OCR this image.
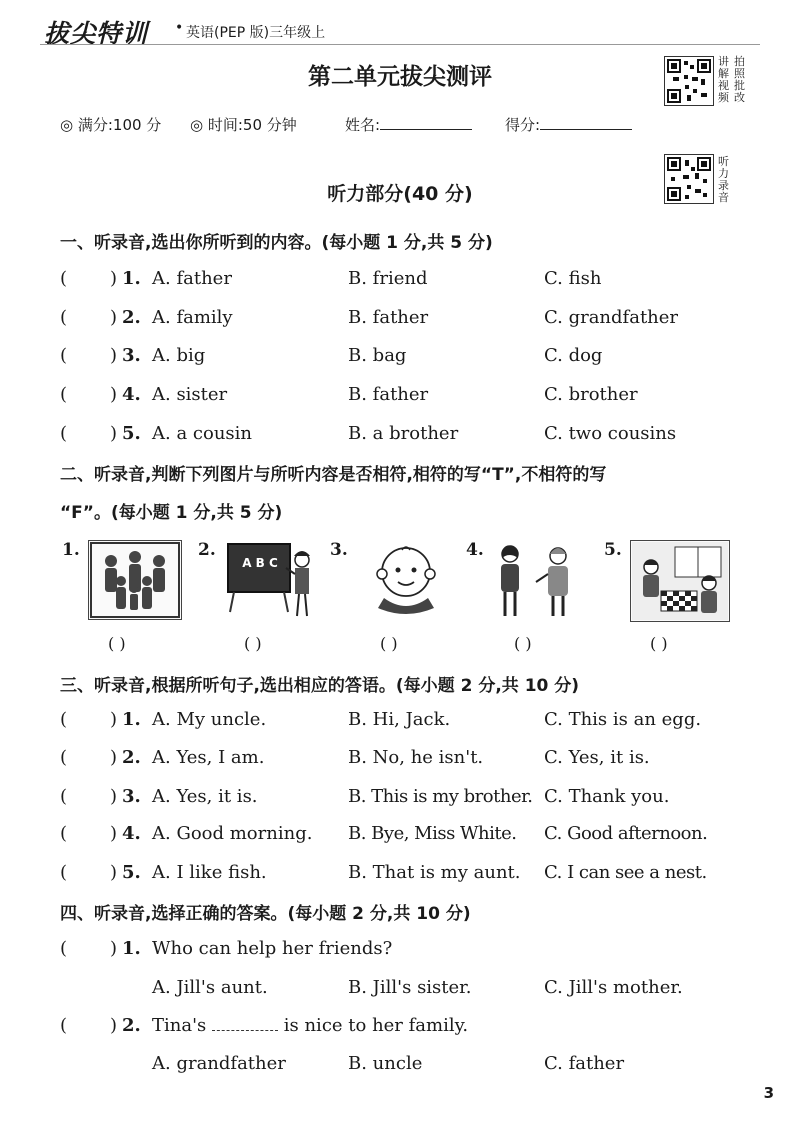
拔尖特训 • 英语(PEP 版)三年级上
第二单元拔尖测评
◎ 满分:100 分 ◎ 时间:50 分钟	姓名:	得分:
讲
解
视
频
拍
照
批
改
听
力
录
音
听力部分(40 分)
一、听录音,选出你所听到的内容。(每小题 1 分,共 5 分)
( ) 1. A. father	B. friend	C. fish
( ) 2. A. family	B. father	C. grandfather
( ) 3. A. big	B. bag	C. dog
( ) 4. A. sister	B. father	C. brother
( ) 5. A. a cousin	B. a brother	C. two cousins
二、听录音,判断下列图片与所听内容是否相符,相符的写“T”,不相符的写
“F”。(每小题 1 分,共 5 分)
1.	2.
A B C
3.	4.	5.
( )	( )	( )	( )	( )
三、听录音,根据所听句子,选出相应的答语。(每小题 2 分,共 10 分)
( ) 1. A. My uncle.	B. Hi, Jack.	C. This is an egg.
( ) 2. A. Yes, I am.	B. No, he isn't.	C. Yes, it is.
( ) 3. A. Yes, it is.	B. This is my brother. C. Thank you.
( ) 4. A. Good morning. B. Bye, Miss White. C. Good afternoon.
( ) 5. A. I like fish.	B. That is my aunt. C. I can see a nest.
四、听录音,选择正确的答案。(每小题 2 分,共 10 分)
( ) 1. Who can help her friends?
A. Jill's aunt.	B. Jill's sister.	C. Jill's mother.
( ) 2. Tina's	is nice to her family.
A. grandfather	B. uncle	C. father
3
